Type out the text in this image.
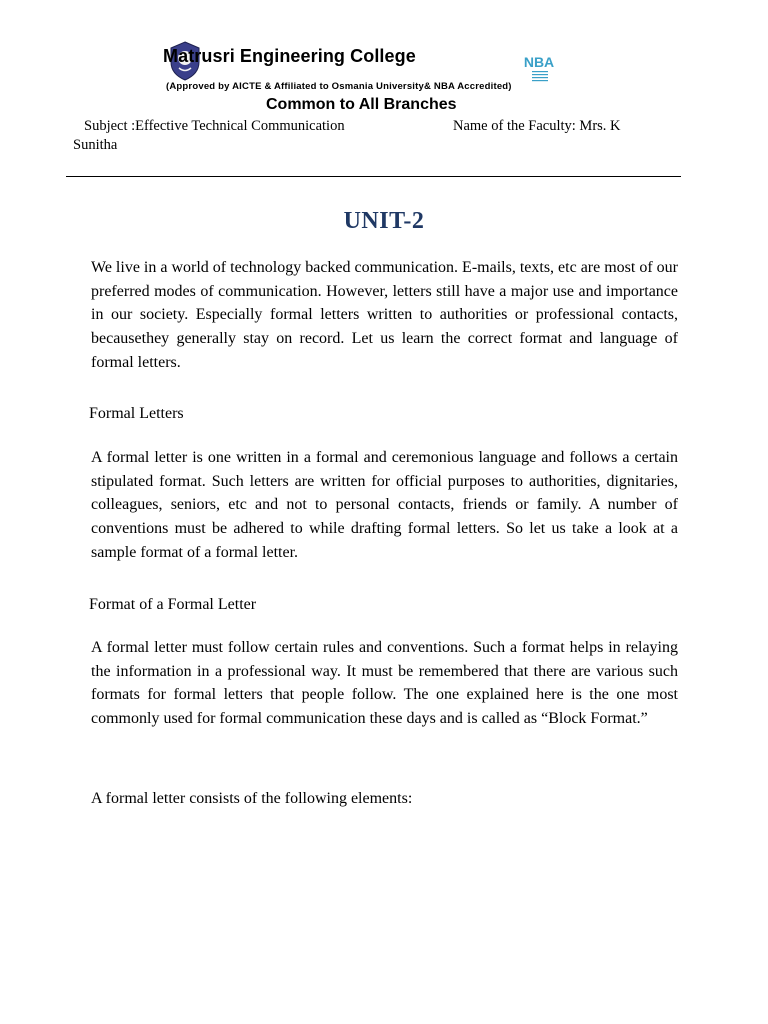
Matrusri Engineering College	NBA
(Approved by AICTE & Affiliated to Osmania University& NBA Accredited)
Common to All Branches
Subject :Effective Technical Communication	Name of the Faculty: Mrs. K
Sunitha
UNIT-2
We live in a world of technology backed communication. E-mails, texts, etc are most of our preferred modes of communication. However, letters still have a major use and importance in our society. Especially formal letters written to authorities or professional contacts, becausethey generally stay on record. Let us learn the correct format and language of formal letters.
Formal Letters
A formal letter is one written in a formal and ceremonious language and follows a certain stipulated format. Such letters are written for official purposes to authorities, dignitaries, colleagues, seniors, etc and not to personal contacts, friends or family. A number of conventions must be adhered to while drafting formal letters. So let us take a look at a sample format of a formal letter.
Format of a Formal Letter
A formal letter must follow certain rules and conventions. Such a format helps in relaying the information in a professional way. It must be remembered that there are various such formats for formal letters that people follow. The one explained here is the one most commonly used for formal communication these days and is called as “Block Format.”
A formal letter consists of the following elements:
